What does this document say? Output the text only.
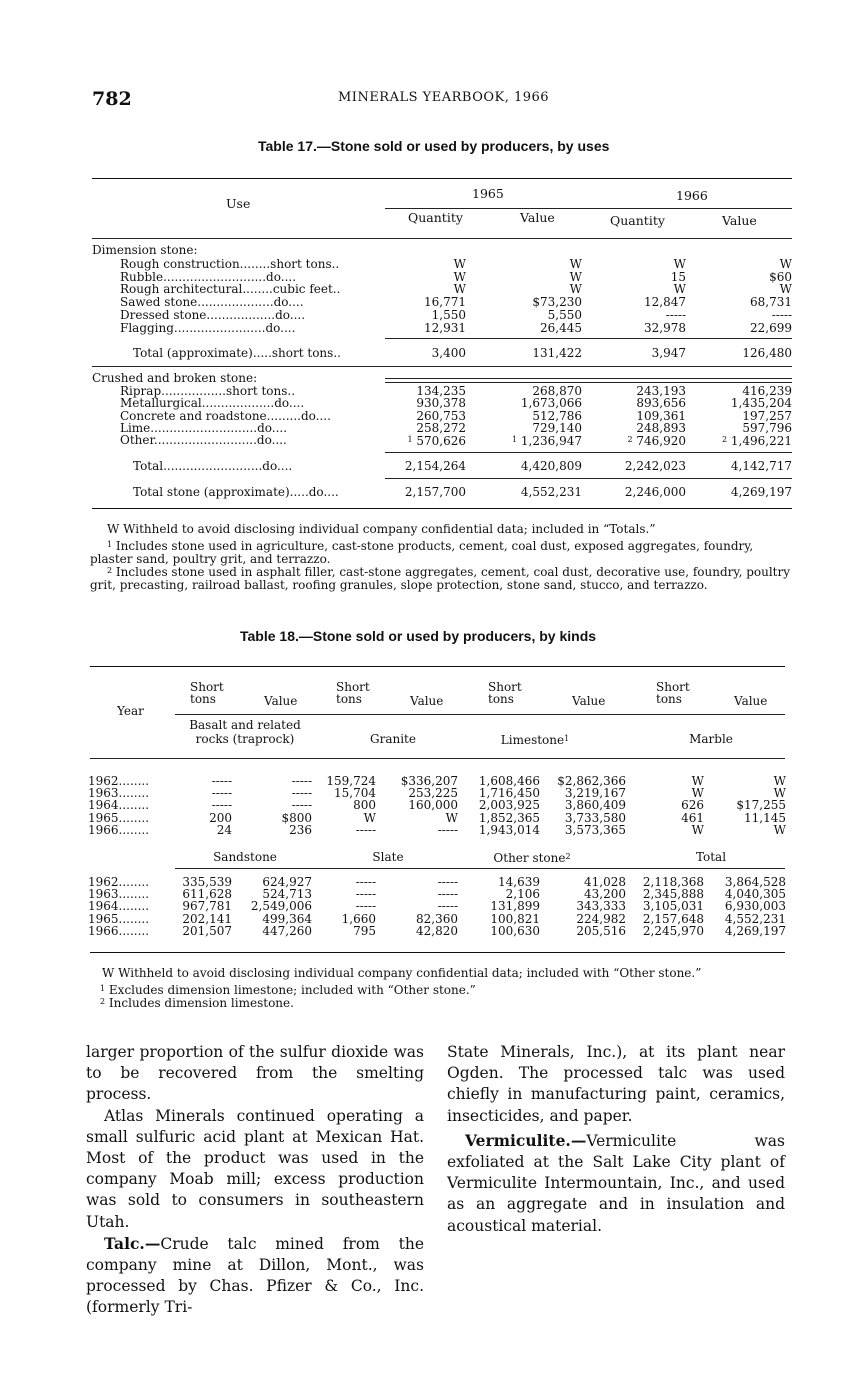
782	MINERALS YEARBOOK, 1966
Table 17.—Stone sold or used by producers, by uses
Use
1965	1966
Quantity	Value	Quantity	Value
Dimension stone:
Rough construction........short tons..	W	W	W	W
Rubble...........................do....	W	W	15	$60
Rough architectural........cubic feet..	W	W	W	W
Sawed stone....................do....	16,771	$73,230	12,847	68,731
Dressed stone..................do....	1,550	5,550	-----	-----
Flagging........................do....	12,931	26,445	32,978	22,699
Total (approximate).....short tons..	3,400	131,422	3,947	126,480
Crushed and broken stone:
Riprap.................short tons..	134,235	268,870	243,193	416,239
Metallurgical...................do....	930,378	1,673,066	893,656	1,435,204
Concrete and roadstone.........do....	260,753	512,786	109,361	197,257
Lime............................do....	258,272	729,140	248,893	597,796
Other...........................do....	$^1$ 570,626	$^1$ 1,236,947	$^2$ 746,920	$^2$ 1,496,221
Total..........................do....	2,154,264	4,420,809	2,242,023	4,142,717
Total stone (approximate).....do....	2,157,700	4,552,231	2,246,000	4,269,197
W Withheld to avoid disclosing individual company confidential data; included in “Totals.”
$^1$ Includes stone used in agriculture, cast-stone products, cement, coal dust, exposed aggregates, foundry, plaster sand, poultry grit, and terrazzo.
$^2$ Includes stone used in asphalt filler, cast-stone aggregates, cement, coal dust, decorative use, foundry, poultry grit, precasting, railroad ballast, roofing granules, slope protection, stone sand, stucco, and terrazzo.
Table 18.—Stone sold or used by producers, by kinds
Year
Short
tons
Short
tons
Short
tons
Short
tons
Value	Value	Value	Value
Basalt and related rocks (traprock)	Granite	Limestone$^1$	Marble
1962........	-----	-----	159,724	$336,207	1,608,466	$2,862,366	W	W
1963........	-----	-----	15,704	253,225	1,716,450	3,219,167	W	W
1964........	-----	-----	800	160,000	2,003,925	3,860,409	626	$17,255
1965........	200	$800	W	W	1,852,365	3,733,580	461	11,145
1966........	24	236	-----	-----	1,943,014	3,573,365	W	W
Sandstone	Slate	Other stone$^2$	Total
1962........	335,539	624,927	-----	-----	14,639	41,028	2,118,368	3,864,528
1963........	611,628	524,713	-----	-----	2,106	43,200	2,345,888	4,040,305
1964........	967,781	2,549,006	-----	-----	131,899	343,333	3,105,031	6,930,003
1965........	202,141	499,364	1,660	82,360	100,821	224,982	2,157,648	4,552,231
1966........	201,507	447,260	795	42,820	100,630	205,516	2,245,970	4,269,197
W Withheld to avoid disclosing individual company confidential data; included with “Other stone.”
$^1$ Excludes dimension limestone; included with “Other stone.”
$^2$ Includes dimension limestone.

larger proportion of the sulfur dioxide was to be recovered from the smelting process.

Atlas Minerals continued operating a small sulfuric acid plant at Mexican Hat. Most of the product was used in the company Moab mill; excess production was sold to consumers in southeastern Utah.

Talc.—Crude talc mined from the company mine at Dillon, Mont., was processed by Chas. Pfizer & Co., Inc. (formerly Tri-

State Minerals, Inc.), at its plant near Ogden. The processed talc was used chiefly in manufacturing paint, ceramics, insecticides, and paper.

Vermiculite.—Vermiculite was exfoliated at the Salt Lake City plant of Vermiculite Intermountain, Inc., and used as an aggregate and in insulation and acoustical material.
